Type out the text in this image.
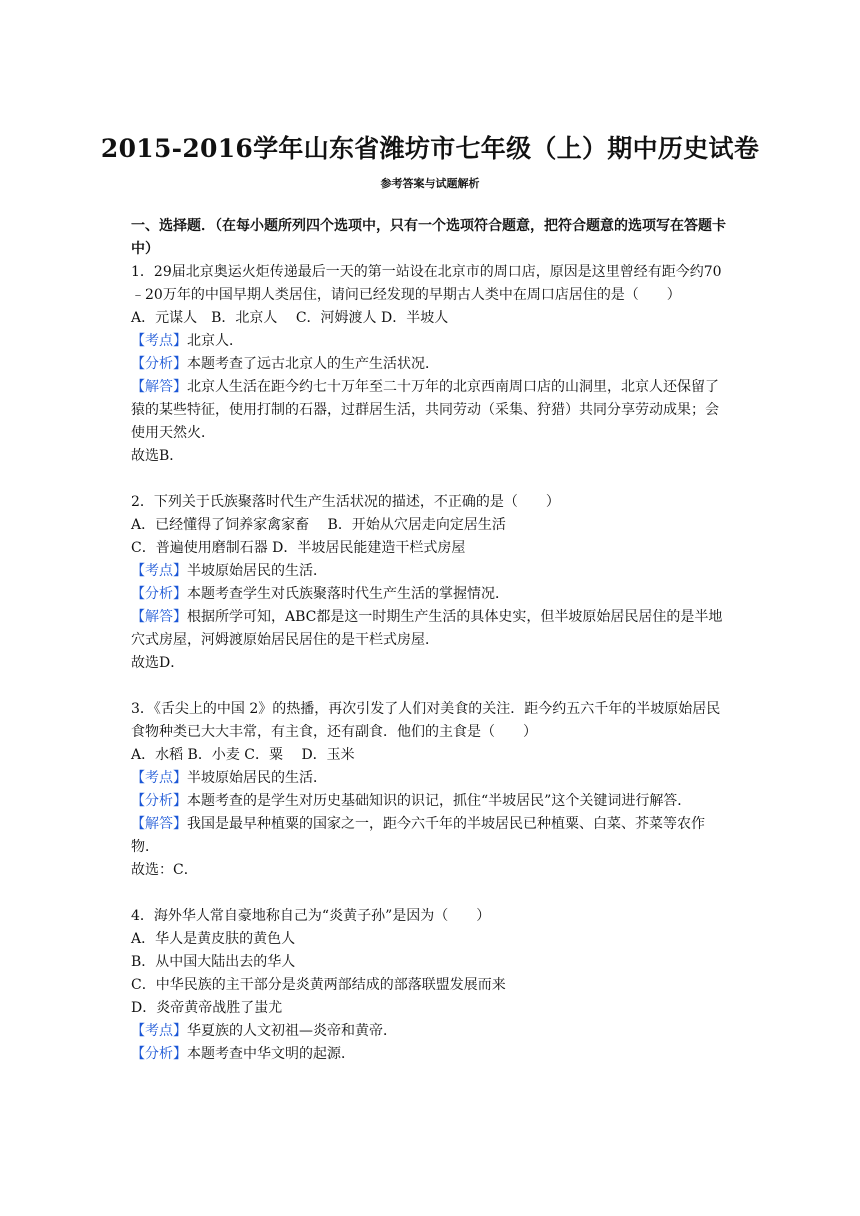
2015-2016学年山东省潍坊市七年级（上）期中历史试卷
参考答案与试题解析

一、选择题．（在每小题所列四个选项中，只有一个选项符合题意，把符合题意的选项写在答题卡中）

1．29届北京奥运火炬传递最后一天的第一站设在北京市的周口店，原因是这里曾经有距今约70﹣20万年的中国早期人类居住，请问已经发现的早期古人类中在周口店居住的是（　　）

A．元谋人　B．北京人　 C．河姆渡人 D．半坡人

【考点】北京人．

【分析】本题考查了远古北京人的生产生活状况．

【解答】北京人生活在距今约七十万年至二十万年的北京西南周口店的山洞里，北京人还保留了猿的某些特征，使用打制的石器，过群居生活，共同劳动（采集、狩猎）共同分享劳动成果；会使用天然火．

故选B．

2．下列关于氏族聚落时代生产生活状况的描述，不正确的是（　　）

A．已经懂得了饲养家禽家畜　 B．开始从穴居走向定居生活

C．普遍使用磨制石器 D．半坡居民能建造干栏式房屋

【考点】半坡原始居民的生活．

【分析】本题考查学生对氏族聚落时代生产生活的掌握情况．

【解答】根据所学可知，ABC都是这一时期生产生活的具体史实，但半坡原始居民居住的是半地穴式房屋，河姆渡原始居民居住的是干栏式房屋．

故选D．

3．《舌尖上的中国 2》的热播，再次引发了人们对美食的关注．距今约五六千年的半坡原始居民食物种类已大大丰常，有主食，还有副食．他们的主食是（　　）

A．水稻 B．小麦 C．粟　 D．玉米

【考点】半坡原始居民的生活．

【分析】本题考查的是学生对历史基础知识的识记，抓住“半坡居民”这个关键词进行解答．

【解答】我国是最早种植粟的国家之一，距今六千年的半坡居民已种植粟、白菜、芥菜等农作物．

故选：C．

4．海外华人常自豪地称自己为“炎黄子孙”是因为（　　）

A．华人是黄皮肤的黄色人

B．从中国大陆出去的华人

C．中华民族的主干部分是炎黄两部结成的部落联盟发展而来

D．炎帝黄帝战胜了蚩尤

【考点】华夏族的人文初祖—炎帝和黄帝．

【分析】本题考查中华文明的起源．
